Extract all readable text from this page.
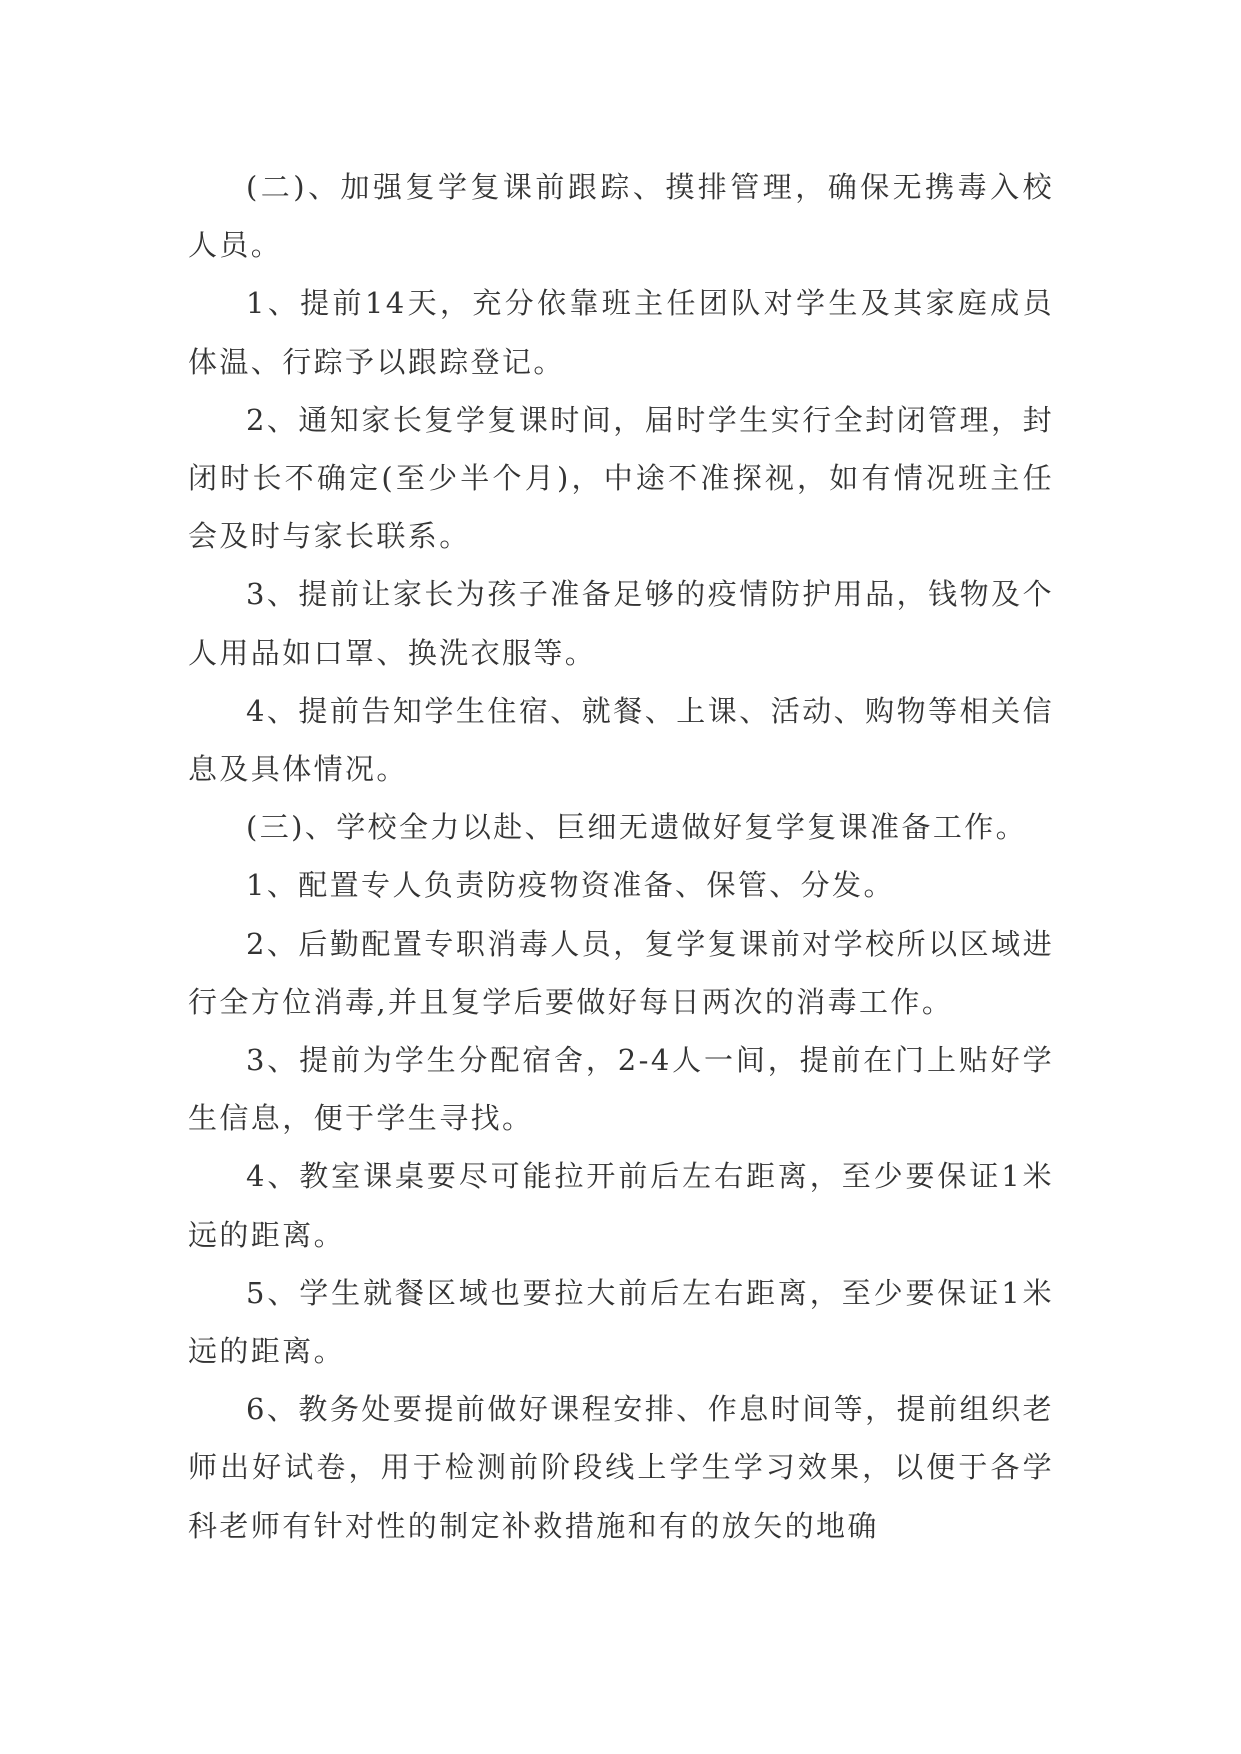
(二)、加强复学复课前跟踪、摸排管理，确保无携毒入校人员。

1、提前14天，充分依靠班主任团队对学生及其家庭成员体温、行踪予以跟踪登记。

2、通知家长复学复课时间，届时学生实行全封闭管理，封闭时长不确定(至少半个月)，中途不准探视，如有情况班主任会及时与家长联系。

3、提前让家长为孩子准备足够的疫情防护用品，钱物及个人用品如口罩、换洗衣服等。

4、提前告知学生住宿、就餐、上课、活动、购物等相关信息及具体情况。

(三)、学校全力以赴、巨细无遗做好复学复课准备工作。

1、配置专人负责防疫物资准备、保管、分发。

2、后勤配置专职消毒人员，复学复课前对学校所以区域进行全方位消毒,并且复学后要做好每日两次的消毒工作。

3、提前为学生分配宿舍，2-4人一间，提前在门上贴好学生信息，便于学生寻找。

4、教室课桌要尽可能拉开前后左右距离，至少要保证1米远的距离。

5、学生就餐区域也要拉大前后左右距离，至少要保证1米远的距离。

6、教务处要提前做好课程安排、作息时间等，提前组织老师出好试卷，用于检测前阶段线上学生学习效果，以便于各学科老师有针对性的制定补救措施和有的放矢的地确
